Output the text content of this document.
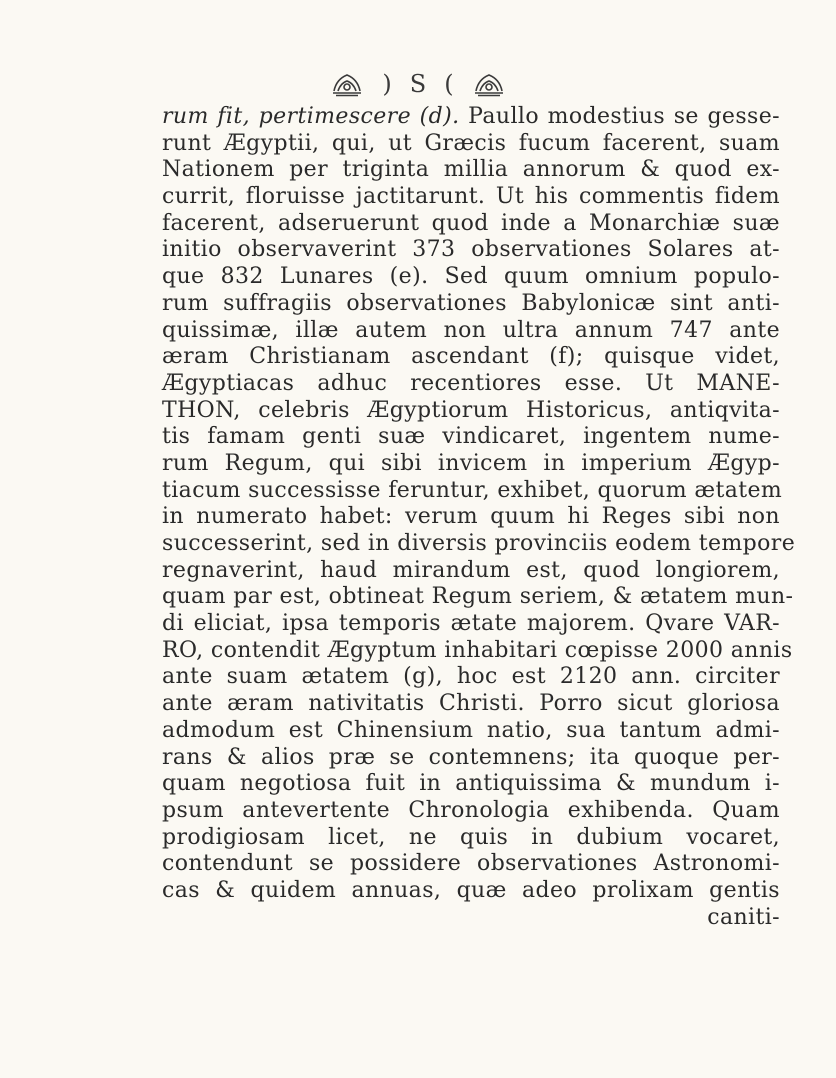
) S (
rum fit, pertimescere (d). Paullo modestius se gesse-
runt Ægyptii, qui, ut Græcis fucum facerent, suam
Nationem per triginta millia annorum & quod ex-
currit, floruisse jactitarunt. Ut his commentis fidem
facerent, adseruerunt quod inde a Monarchiæ suæ
initio observaverint 373 observationes Solares at-
que 832 Lunares (e). Sed quum omnium populo-
rum suffragiis observationes Babylonicæ sint anti-
quissimæ, illæ autem non ultra annum 747 ante
æram Christianam ascendant (f); quisque videt,
Ægyptiacas adhuc recentiores esse. Ut MANE-
THON, celebris Ægyptiorum Historicus, antiqvita-
tis famam genti suæ vindicaret, ingentem nume-
rum Regum, qui sibi invicem in imperium Ægyp-
tiacum successisse feruntur, exhibet, quorum ætatem
in numerato habet: verum quum hi Reges sibi non
successerint, sed in diversis provinciis eodem tempore
regnaverint, haud mirandum est, quod longiorem,
quam par est, obtineat Regum seriem, & ætatem mun-
di eliciat, ipsa temporis ætate majorem. Qvare VAR-
RO, contendit Ægyptum inhabitari cœpisse 2000 annis
ante suam ætatem (g), hoc est 2120 ann. circiter
ante æram nativitatis Christi. Porro sicut gloriosa
admodum est Chinensium natio, sua tantum admi-
rans & alios præ se contemnens; ita quoque per-
quam negotiosa fuit in antiquissima & mundum i-
psum antevertente Chronologia exhibenda. Quam
prodigiosam licet, ne quis in dubium vocaret,
contendunt se possidere observationes Astronomi-
cas & quidem annuas, quæ adeo prolixam gentis
caniti-
